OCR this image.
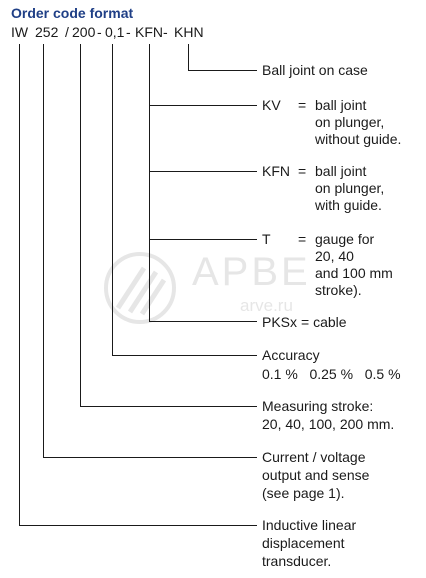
Order code format
IW 252 / 200 - 0,1 - KFN - KHN
APBE
arve.ru
Ball joint on case
KV = ball joint
on plunger,
without guide.
KFN = ball joint
on plunger,
with guide.
T = gauge for
20, 40
and 100 mm
stroke).
PKSx = cable
Accuracy
0.1 %   0.25 %   0.5 %
Measuring stroke:
20, 40, 100, 200 mm.
Current / voltage
output and sense
(see page 1).
Inductive linear
displacement
transducer.
